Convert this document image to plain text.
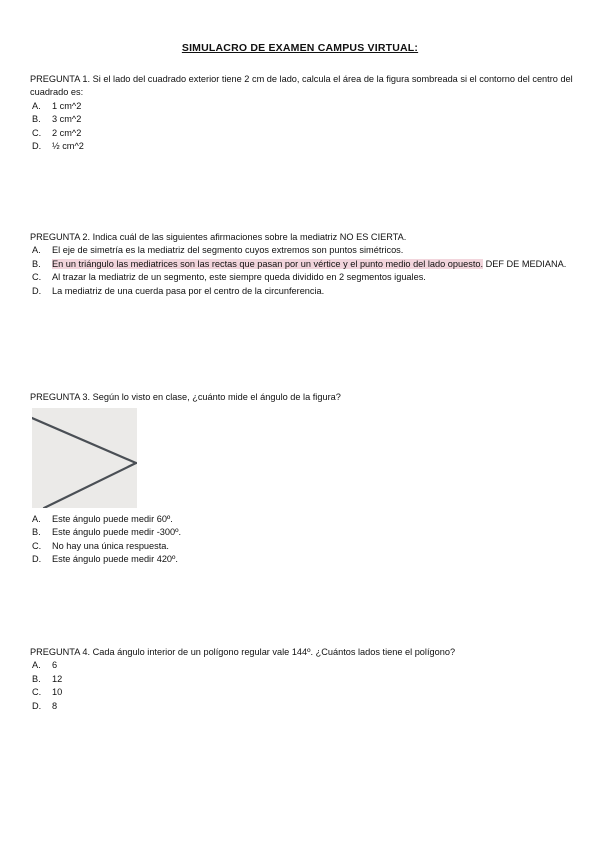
SIMULACRO DE EXAMEN CAMPUS VIRTUAL:

PREGUNTA 1. Si el lado del cuadrado exterior tiene 2 cm de lado, calcula el área de la figura sombreada si el contorno del centro del cuadrado es:

A.	1 cm^2
B.	3 cm^2
C.	2 cm^2
D.	½ cm^2

PREGUNTA 2. Indica cuál de las siguientes afirmaciones sobre la mediatriz NO ES CIERTA.

A.	El eje de simetría es la mediatriz del segmento cuyos extremos son puntos simétricos.
B.	En un triángulo las mediatrices son las rectas que pasan por un vértice y el punto medio del lado opuesto. DEF DE MEDIANA.
C.	Al trazar la mediatriz de un segmento, este siempre queda dividido en 2 segmentos iguales.
D.	La mediatriz de una cuerda pasa por el centro de la circunferencia.

PREGUNTA 3. Según lo visto en clase, ¿cuánto mide el ángulo de la figura?

A.	Este ángulo puede medir 60º.
B.	Este ángulo puede medir -300º.
C.	No hay una única respuesta.
D.	Este ángulo puede medir 420º.

PREGUNTA 4. Cada ángulo interior de un polígono regular vale 144º. ¿Cuántos lados tiene el polígono?

A.	6
B.	12
C.	10
D.	8
